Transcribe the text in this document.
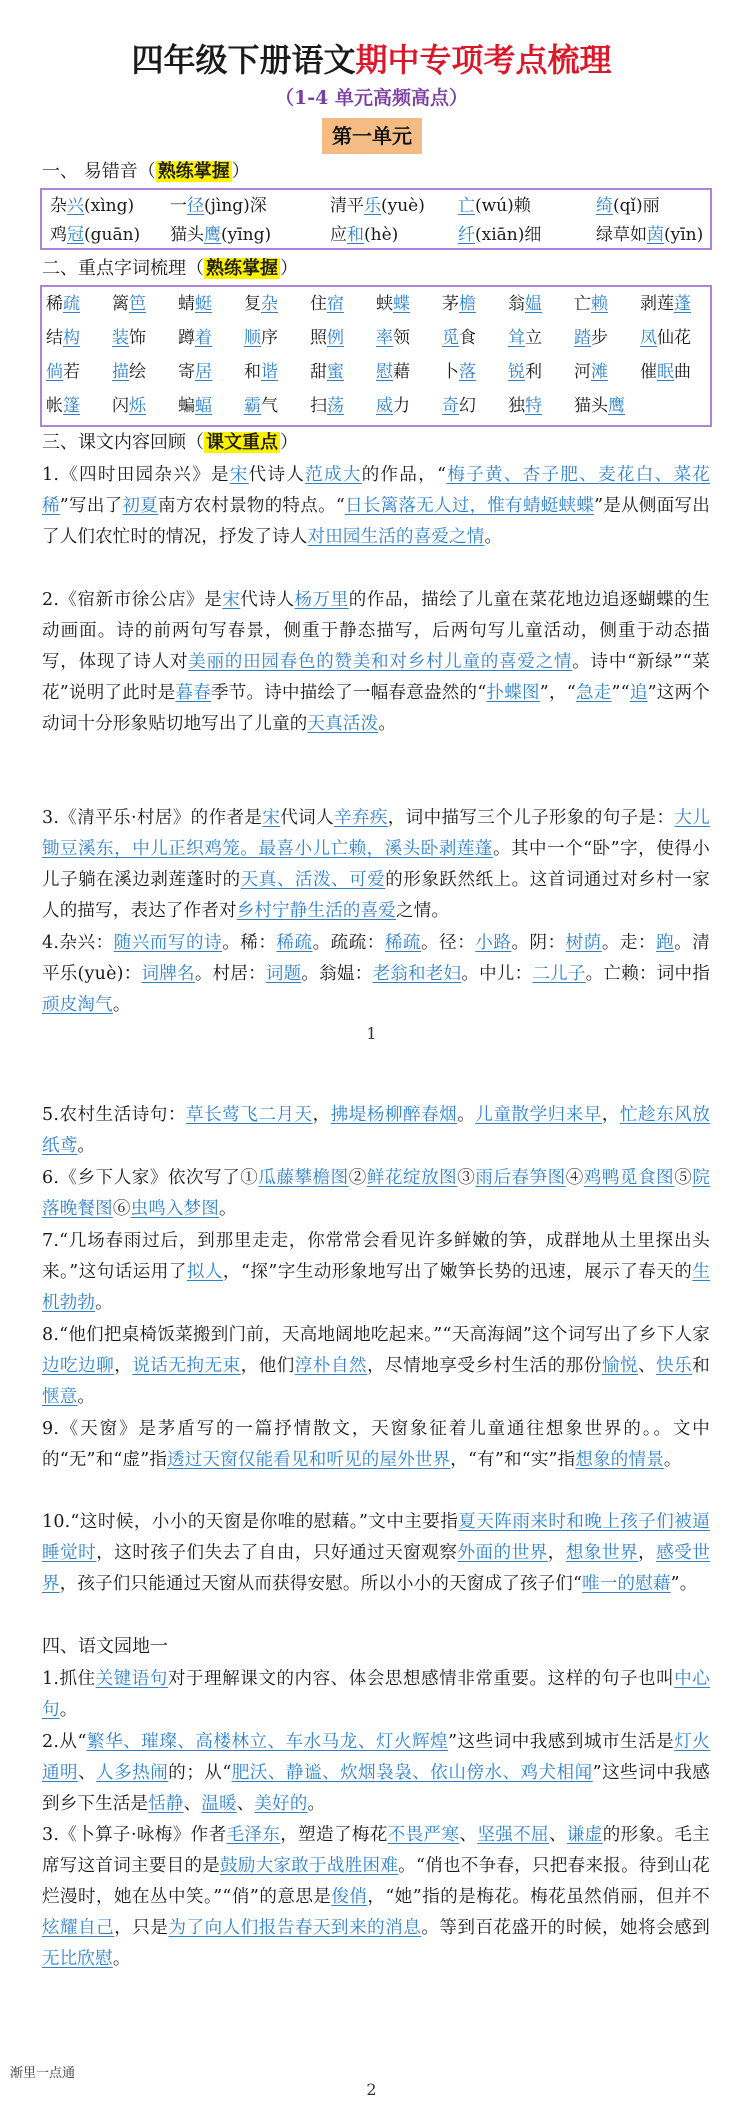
四年级下册语文期中专项考点梳理
（1-4 单元高频高点）
第一单元
一、 易错音（ 熟练掌握 ）
杂兴(xìng) 一径(jìng)深	清平乐(yuè) 亡(wú)赖	绮(qǐ)丽
鸡冠(guān) 猫头鹰(yīng)	应和(hè)	纤(xiān)细	绿草如茵(yīn)
二、重点字词梳理（ 熟练掌握 ）
稀疏 篱笆 蜻蜓 复杂 住宿 蛱蝶 茅檐 翁媪 亡赖 剥莲蓬
结构 装饰 蹲着 顺序 照例 率领 觅食 耸立 踏步 凤仙花
倘若 描绘 寄居 和谐 甜蜜 慰藉 卜落 锐利 河滩 催眠曲
帐篷 闪烁 蝙蝠 霸气 扫荡 威力 奇幻 独特 猫头鹰
三、课文内容回顾（ 课文重点 ）
1.《四时田园杂兴》是宋代诗人范成大的作品，“梅子黄、杏子肥、麦花白、菜花稀”写出了初夏南方农村景物的特点。“日长篱落无人过，惟有蜻蜓蛱蝶”是从侧面写出了人们农忙时的情况，抒发了诗人对田园生活的喜爱之情。
2.《宿新市徐公店》是宋代诗人杨万里的作品，描绘了儿童在菜花地边追逐蝴蝶的生动画面。诗的前两句写春景，侧重于静态描写，后两句写儿童活动，侧重于动态描写，体现了诗人对美丽的田园春色的赞美和对乡村儿童的喜爱之情。诗中“新绿”“菜花”说明了此时是暮春季节。诗中描绘了一幅春意盎然的“扑蝶图”，“急走”“追”这两个动词十分形象贴切地写出了儿童的天真活泼。
3.《清平乐·村居》的作者是宋代词人辛弃疾，词中描写三个儿子形象的句子是：大儿锄豆溪东，中儿正织鸡笼。最喜小儿亡赖，溪头卧剥莲蓬。其中一个“卧”字，使得小儿子躺在溪边剥莲蓬时的天真、活泼、可爱的形象跃然纸上。这首词通过对乡村一家人的描写，表达了作者对乡村宁静生活的喜爱之情。
4.杂兴：随兴而写的诗。稀：稀疏。疏疏：稀疏。径：小路。阴：树荫。走：跑。清平乐(yuè)：词牌名。村居：词题。翁媪：老翁和老妇。中儿：二儿子。亡赖：词中指顽皮淘气。
1
5.农村生活诗句：草长莺飞二月天，拂堤杨柳醉春烟。儿童散学归来早，忙趁东风放纸鸢。
6.《乡下人家》依次写了①瓜藤攀檐图②鲜花绽放图③雨后春笋图④鸡鸭觅食图⑤院落晚餐图⑥虫鸣入梦图。
7.“几场春雨过后，到那里走走，你常常会看见许多鲜嫩的笋，成群地从土里探出头来。”这句话运用了拟人，“探”字生动形象地写出了嫩笋长势的迅速，展示了春天的生机勃勃。
8.“他们把桌椅饭菜搬到门前，天高地阔地吃起来。”“天高海阔”这个词写出了乡下人家边吃边聊，说话无拘无束，他们淳朴自然，尽情地享受乡村生活的那份愉悦、快乐和惬意。
9.《天窗》是茅盾写的一篇抒情散文，天窗象征着儿童通往想象世界的。。文中的“无”和“虚”指透过天窗仅能看见和听见的屋外世界，“有”和“实”指想象的情景。
10.“这时候，小小的天窗是你唯的慰藉。”文中主要指夏天阵雨来时和晚上孩子们被逼睡觉时，这时孩子们失去了自由，只好通过天窗观察外面的世界，想象世界，感受世界，孩子们只能通过天窗从而获得安慰。所以小小的天窗成了孩子们“唯一的慰藉”。
四、语文园地一
1.抓住关键语句对于理解课文的内容、体会思想感情非常重要。这样的句子也叫中心句。
2.从“繁华、璀璨、高楼林立、车水马龙、灯火辉煌”这些词中我感到城市生活是灯火通明、人多热闹的；从“肥沃、静谧、炊烟袅袅、依山傍水、鸡犬相闻”这些词中我感到乡下生活是恬静、温暖、美好的。
3.《卜算子·咏梅》作者毛泽东，塑造了梅花不畏严寒、坚强不屈、谦虚的形象。毛主席写这首词主要目的是鼓励大家敢于战胜困难。“俏也不争春，只把春来报。待到山花烂漫时，她在丛中笑。”“俏”的意思是俊俏，“她”指的是梅花。梅花虽然俏丽，但并不炫耀自己，只是为了向人们报告春天到来的消息。等到百花盛开的时候，她将会感到无比欣慰。
渐里一点通
2
